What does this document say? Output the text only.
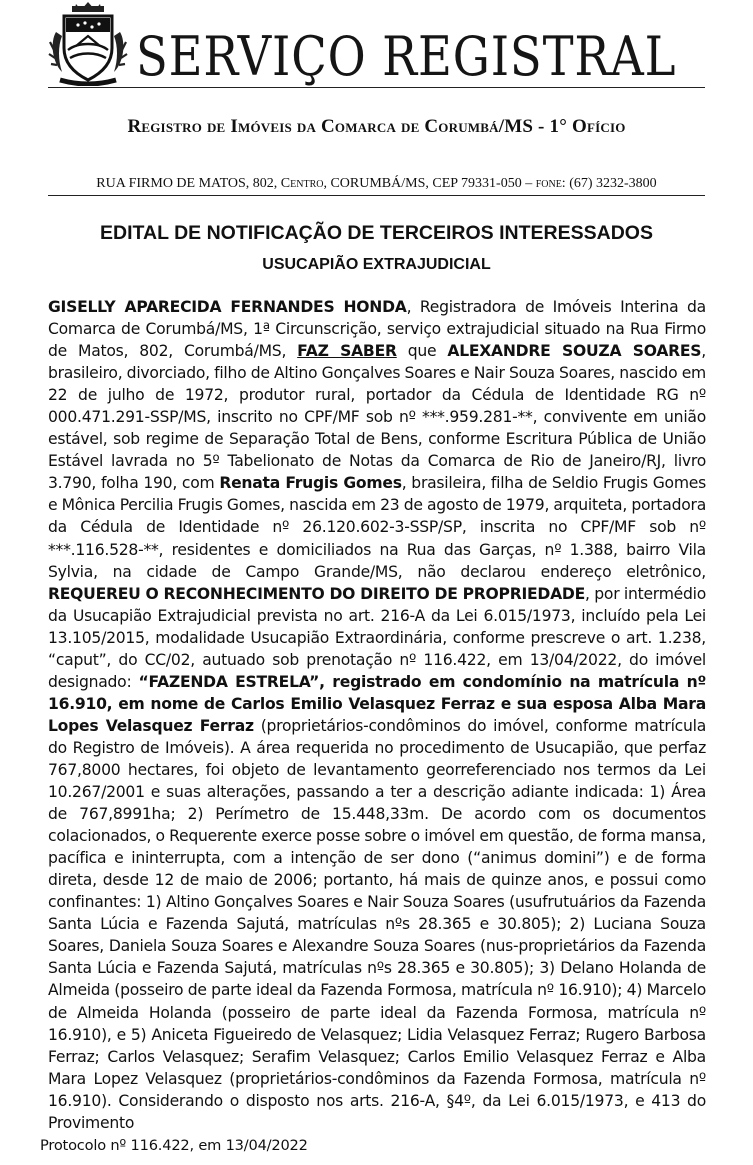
SERVIÇO REGISTRAL
Registro de Imóveis da Comarca de Corumbá/MS - 1° Ofício
RUA FIRMO DE MATOS, 802, Centro, CORUMBÁ/MS, CEP 79331-050 – fone: (67) 3232-3800
EDITAL DE NOTIFICAÇÃO DE TERCEIROS INTERESSADOS
USUCAPIÃO EXTRAJUDICIAL
GISELLY APARECIDA FERNANDES HONDA, Registradora de Imóveis Interina da Comarca de Corumbá/MS, 1ª Circunscrição, serviço extrajudicial situado na Rua Firmo de Matos, 802, Corumbá/MS, FAZ SABER que ALEXANDRE SOUZA SOARES, brasileiro, divorciado, filho de Altino Gonçalves Soares e Nair Souza Soares, nascido em 22 de julho de 1972, produtor rural, portador da Cédula de Identidade RG nº 000.471.291-SSP/MS, inscrito no CPF/MF sob nº ***.959.281-**, convivente em união estável, sob regime de Separação Total de Bens, conforme Escritura Pública de União Estável lavrada no 5º Tabelionato de Notas da Comarca de Rio de Janeiro/RJ, livro 3.790, folha 190, com Renata Frugis Gomes, brasileira, filha de Seldio Frugis Gomes e Mônica Percilia Frugis Gomes, nascida em 23 de agosto de 1979, arquiteta, portadora da Cédula de Identidade nº 26.120.602-3-SSP/SP, inscrita no CPF/MF sob nº ***.116.528-**, residentes e domiciliados na Rua das Garças, nº 1.388, bairro Vila Sylvia, na cidade de Campo Grande/MS, não declarou endereço eletrônico, REQUEREU O RECONHECIMENTO DO DIREITO DE PROPRIEDADE, por intermédio da Usucapião Extrajudicial prevista no art. 216-A da Lei 6.015/1973, incluído pela Lei 13.105/2015, modalidade Usucapião Extraordinária, conforme prescreve o art. 1.238, “caput”, do CC/02, autuado sob prenotação nº 116.422, em 13/04/2022, do imóvel designado: “FAZENDA ESTRELA”, registrado em condomínio na matrícula nº 16.910, em nome de Carlos Emilio Velasquez Ferraz e sua esposa Alba Mara Lopes Velasquez Ferraz (proprietários-condôminos do imóvel, conforme matrícula do Registro de Imóveis). A área requerida no procedimento de Usucapião, que perfaz 767,8000 hectares, foi objeto de levantamento georreferenciado nos termos da Lei 10.267/2001 e suas alterações, passando a ter a descrição adiante indicada: 1) Área de 767,8991ha; 2) Perímetro de 15.448,33m. De acordo com os documentos colacionados, o Requerente exerce posse sobre o imóvel em questão, de forma mansa, pacífica e ininterrupta, com a intenção de ser dono (“animus domini”) e de forma direta, desde 12 de maio de 2006; portanto, há mais de quinze anos, e possui como confinantes: 1) Altino Gonçalves Soares e Nair Souza Soares (usufrutuários da Fazenda Santa Lúcia e Fazenda Sajutá, matrículas nºs 28.365 e 30.805); 2) Luciana Souza Soares, Daniela Souza Soares e Alexandre Souza Soares (nus-proprietários da Fazenda Santa Lúcia e Fazenda Sajutá, matrículas nºs 28.365 e 30.805); 3) Delano Holanda de Almeida (posseiro de parte ideal da Fazenda Formosa, matrícula nº 16.910); 4) Marcelo de Almeida Holanda (posseiro de parte ideal da Fazenda Formosa, matrícula nº 16.910), e 5) Aniceta Figueiredo de Velasquez; Lidia Velasquez Ferraz; Rugero Barbosa Ferraz; Carlos Velasquez; Serafim Velasquez; Carlos Emilio Velasquez Ferraz e Alba Mara Lopez Velasquez (proprietários-condôminos da Fazenda Formosa, matrícula nº 16.910). Considerando o disposto nos arts. 216-A, §4º, da Lei 6.015/1973, e 413 do Provimento
Protocolo nº 116.422, em 13/04/2022
